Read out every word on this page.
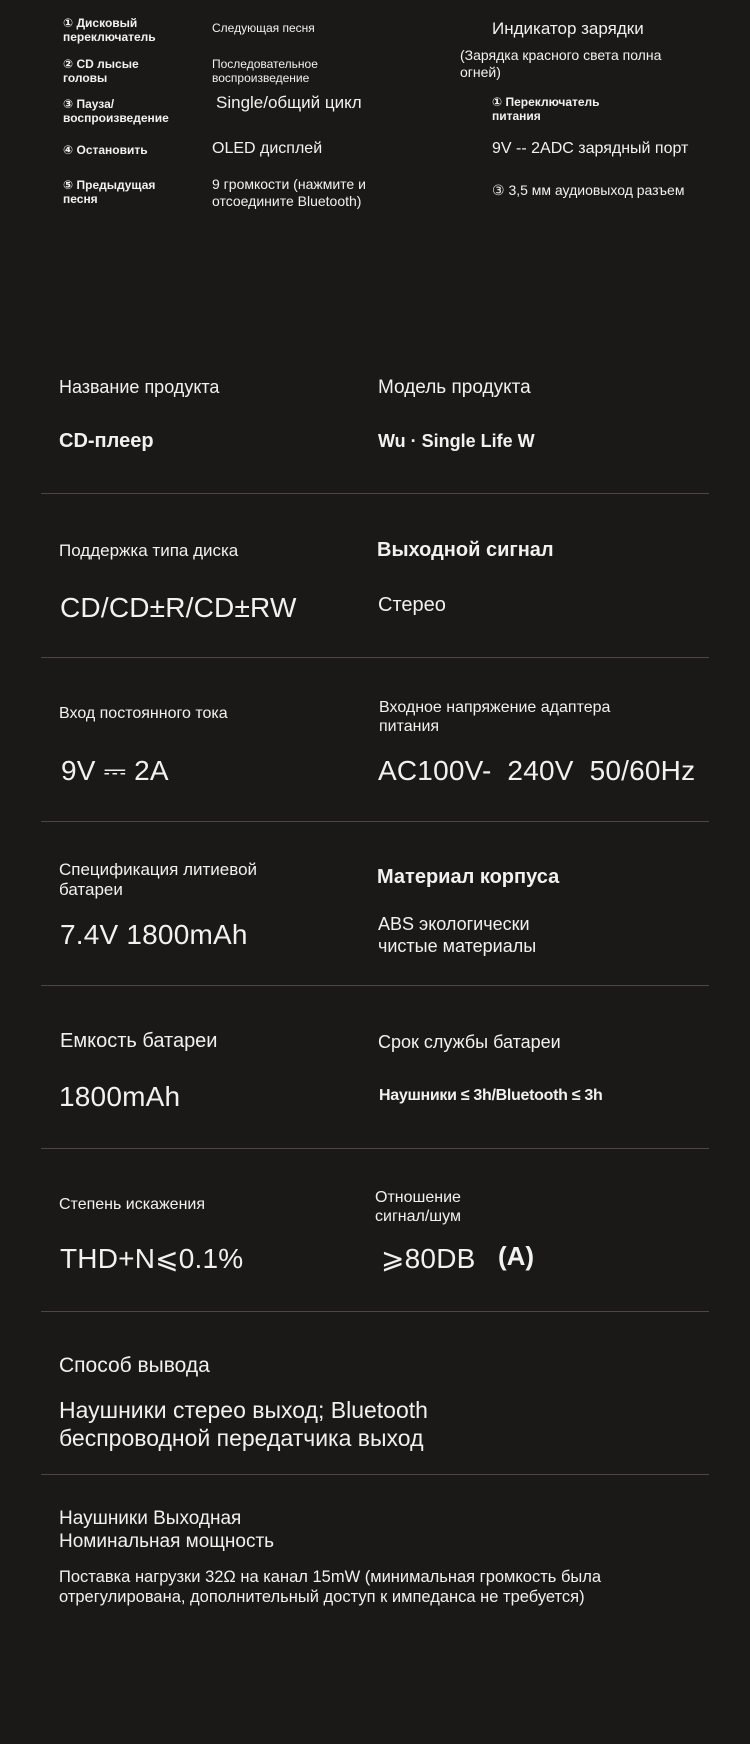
① Дисковый переключатель
② CD лысые головы
③ Пауза/воспроизведение
④ Остановить
⑤ Предыдущая песня
Следующая песня
Последовательное воспроизведение
Single/общий цикл
OLED дисплей
9 громкости (нажмите и отсоедините Bluetooth)
Индикатор зарядки
(Зарядка красного света полна огней)
① Переключатель питания
9V -- 2ADC зарядный порт
③ 3,5 мм аудиовыход разъем
Название продукта
CD-плеер
Модель продукта
Wu · Single Life W
Поддержка типа диска
CD/CD±R/CD±RW
Выходной сигнал
Стерео
Вход постоянного тока
9V ⎓ 2A
Входное напряжение адаптера питания
AC100V-  240V  50/60Hz
Спецификация литиевой батареи
7.4V 1800mAh
Материал корпуса
ABS экологически чистые материалы
Емкость батареи
1800mAh
Срок службы батареи
Наушники ≤ 3h/Bluetooth ≤ 3h
Степень искажения
THD+N⩽0.1%
Отношение сигнал/шум
⩾80DB (A)
Способ вывода
Наушники стерео выход; Bluetooth беспроводной передатчика выход
Наушники Выходная Номинальная мощность
Поставка нагрузки 32Ω на канал 15mW (минимальная громкость была отрегулирована, дополнительный доступ к импеданса не требуется)
